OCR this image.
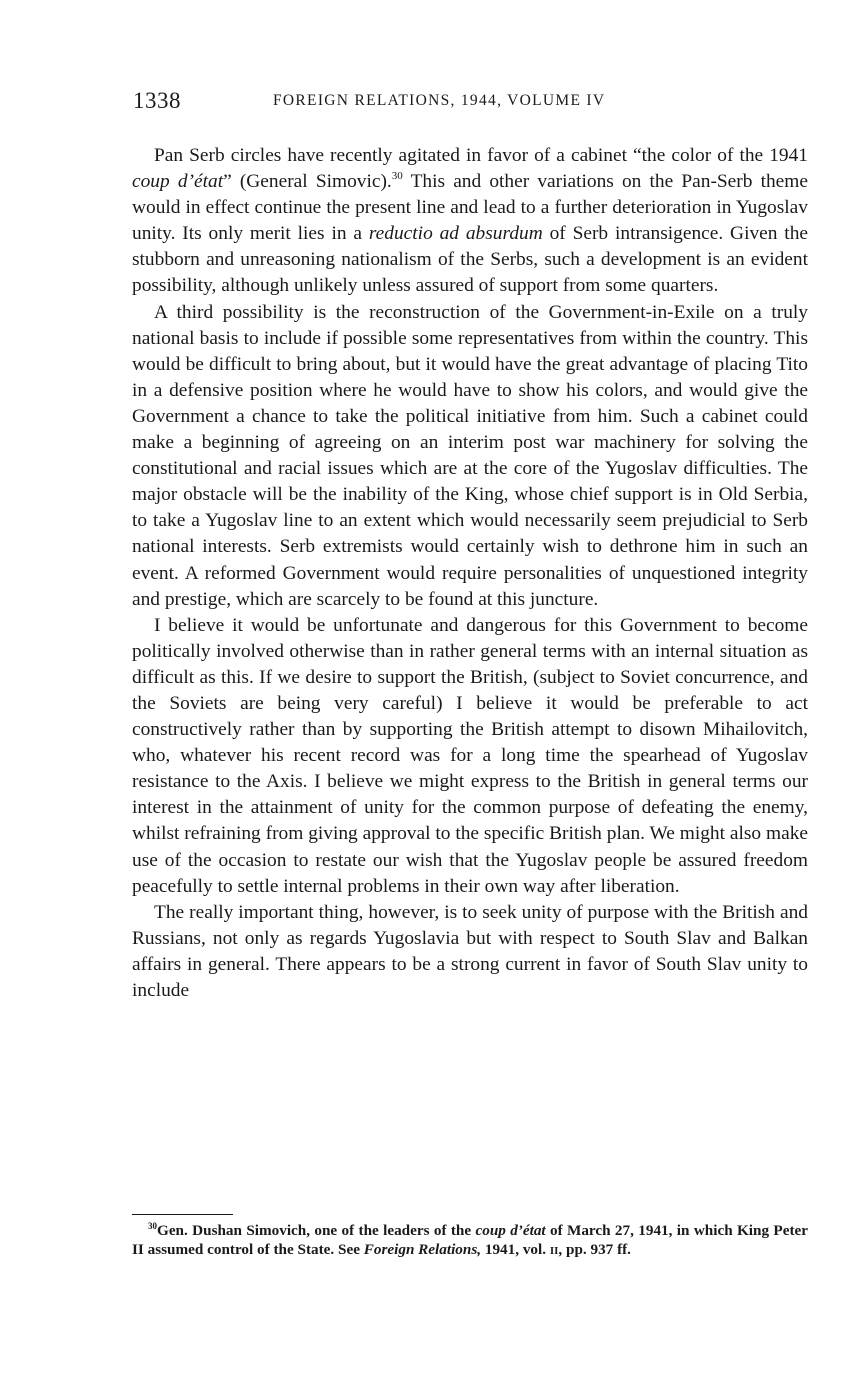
1338	FOREIGN RELATIONS, 1944, VOLUME IV

Pan Serb circles have recently agitated in favor of a cabinet “the color of the 1941 coup d’état” (General Simovic).$^{30}$ This and other variations on the Pan-Serb theme would in effect continue the present line and lead to a further deterioration in Yugoslav unity. Its only merit lies in a reductio ad absurdum of Serb intransigence. Given the stubborn and unreasoning nationalism of the Serbs, such a development is an evident possibility, although unlikely unless assured of support from some quarters.

A third possibility is the reconstruction of the Government-in-Exile on a truly national basis to include if possible some representatives from within the country. This would be difficult to bring about, but it would have the great advantage of placing Tito in a defensive position where he would have to show his colors, and would give the Government a chance to take the political initiative from him. Such a cabinet could make a beginning of agreeing on an interim post war machinery for solving the constitutional and racial issues which are at the core of the Yugoslav difficulties. The major obstacle will be the inability of the King, whose chief support is in Old Serbia, to take a Yugoslav line to an extent which would necessarily seem prejudicial to Serb national interests. Serb extremists would certainly wish to dethrone him in such an event. A reformed Government would require personalities of unquestioned integrity and prestige, which are scarcely to be found at this juncture.

I believe it would be unfortunate and dangerous for this Government to become politically involved otherwise than in rather general terms with an internal situation as difficult as this. If we desire to support the British, (subject to Soviet concurrence, and the Soviets are being very careful) I believe it would be preferable to act constructively rather than by supporting the British attempt to disown Mihailovitch, who, whatever his recent record was for a long time the spearhead of Yugoslav resistance to the Axis. I believe we might express to the British in general terms our interest in the attainment of unity for the common purpose of defeating the enemy, whilst refraining from giving approval to the specific British plan. We might also make use of the occasion to restate our wish that the Yugoslav people be assured freedom peacefully to settle internal problems in their own way after liberation.

The really important thing, however, is to seek unity of purpose with the British and Russians, not only as regards Yugoslavia but with respect to South Slav and Balkan affairs in general. There appears to be a strong current in favor of South Slav unity to include

$^{30}$Gen. Dushan Simovich, one of the leaders of the coup d’état of March 27, 1941, in which King Peter II assumed control of the State. See Foreign Relations, 1941, vol. ii, pp. 937 ff.
